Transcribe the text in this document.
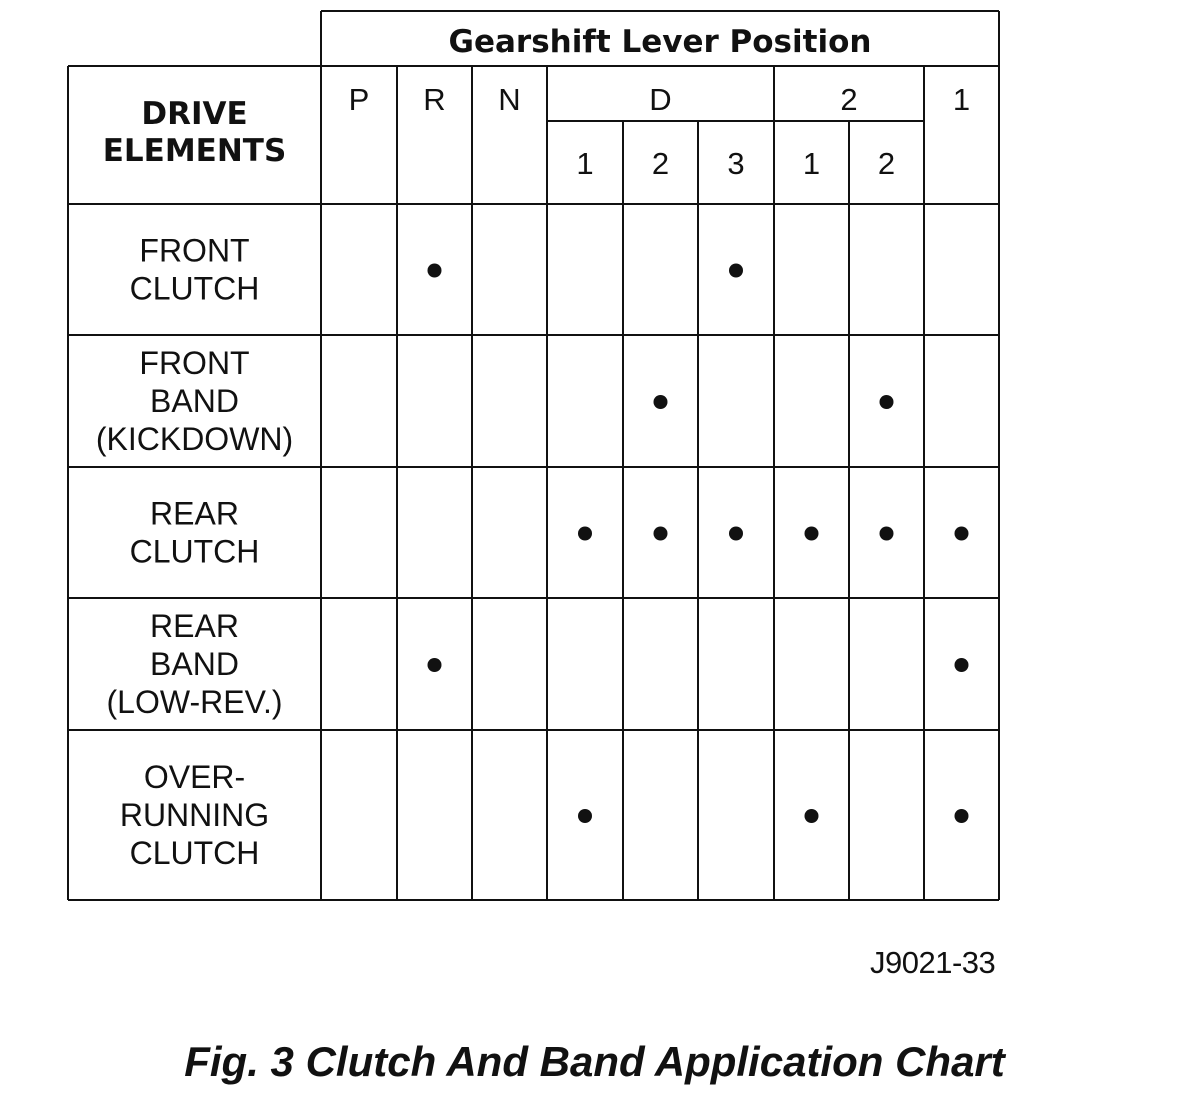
Gearshift Lever Position
DRIVE
ELEMENTS
P R N	D
1 2 3
2
1 2
1
FRONT
CLUTCH
FRONT
BAND
(KICKDOWN)
REAR
CLUTCH
REAR
BAND
(LOW-REV.)
OVER-
RUNNING
CLUTCH
J9021-33
Fig. 3 Clutch And Band Application Chart
